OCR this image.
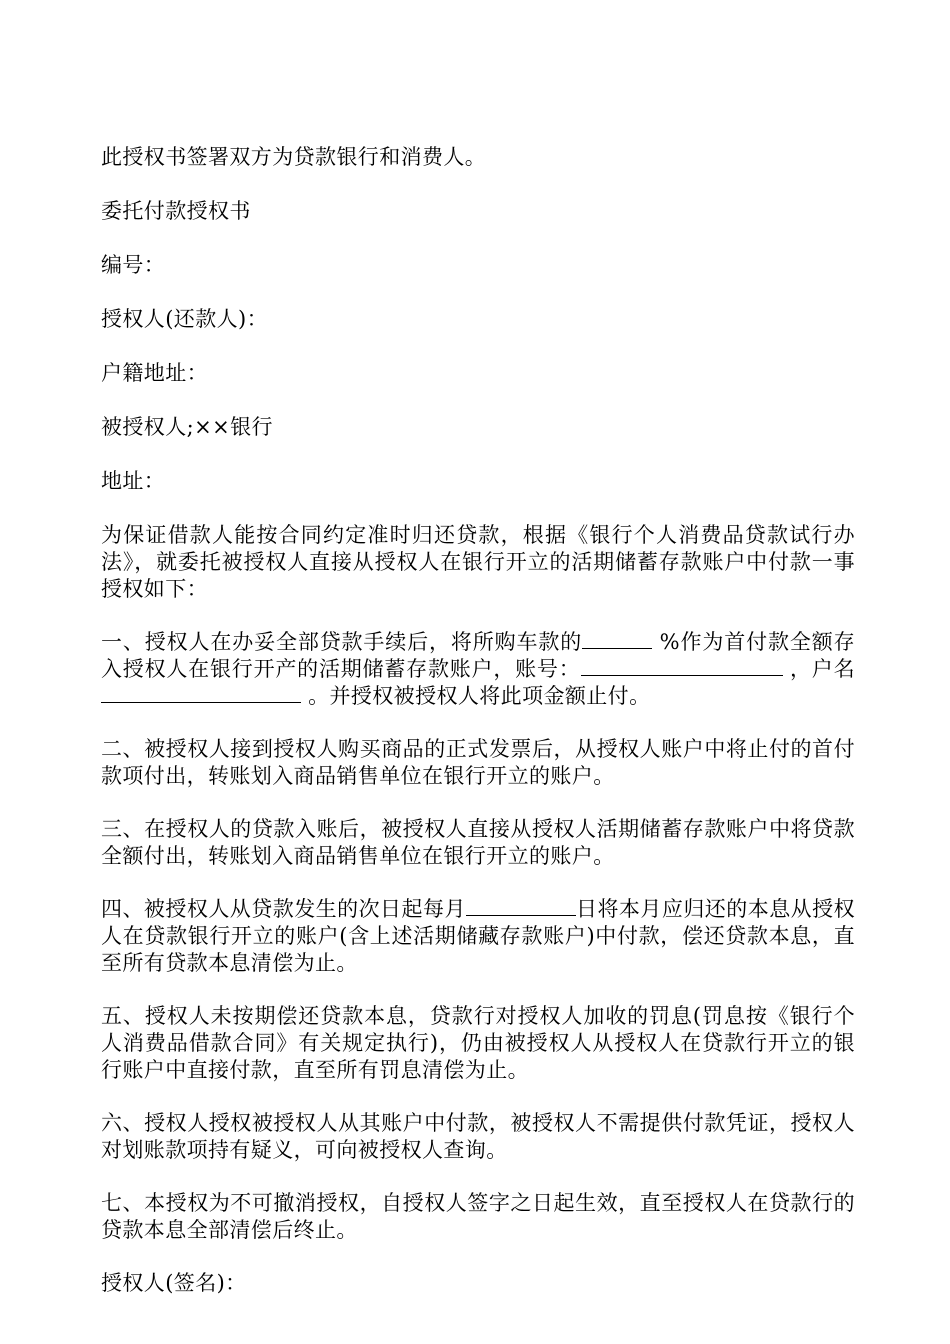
此授权书签署双方为贷款银行和消费人。

委托付款授权书

编号：

授权人(还款人)：

户籍地址：

被授权人;××银行

地址：

为保证借款人能按合同约定准时归还贷款，根据《银行个人消费品贷款试行办法》，就委托被授权人直接从授权人在银行开立的活期储蓄存款账户中付款一事授权如下：

一、授权人在办妥全部贷款手续后，将所购车款的	%作为首付款全额存入授权人在银行开产的活期储蓄存款账户，账号：	，户名 。并授权被授权人将此项金额止付。

二、被授权人接到授权人购买商品的正式发票后，从授权人账户中将止付的首付款项付出，转账划入商品销售单位在银行开立的账户。

三、在授权人的贷款入账后，被授权人直接从授权人活期储蓄存款账户中将贷款全额付出，转账划入商品销售单位在银行开立的账户。

四、被授权人从贷款发生的次日起每月	日将本月应归还的本息从授权人在贷款银行开立的账户(含上述活期储藏存款账户)中付款，偿还贷款本息，直至所有贷款本息清偿为止。

五、授权人未按期偿还贷款本息，贷款行对授权人加收的罚息(罚息按《银行个人消费品借款合同》有关规定执行)，仍由被授权人从授权人在贷款行开立的银行账户中直接付款，直至所有罚息清偿为止。

六、授权人授权被授权人从其账户中付款，被授权人不需提供付款凭证，授权人对划账款项持有疑义，可向被授权人查询。

七、本授权为不可撤消授权，自授权人签字之日起生效，直至授权人在贷款行的贷款本息全部清偿后终止。

授权人(签名)：
